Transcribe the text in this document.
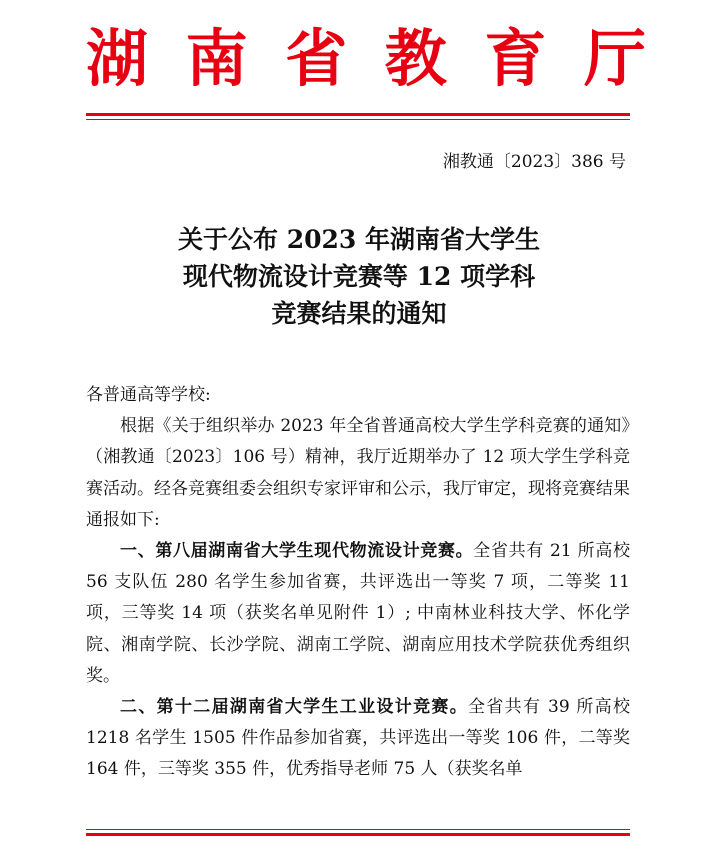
湖 南 省 教 育 厅
湘教通〔2023〕386 号
关于公布 2023 年湖南省大学生
现代物流设计竞赛等 12 项学科
竞赛结果的通知

各普通高等学校:

根据《关于组织举办 2023 年全省普通高校大学生学科竞赛的通知》（湘教通〔2023〕106 号）精神，我厅近期举办了 12 项大学生学科竞赛活动。经各竞赛组委会组织专家评审和公示，我厅审定，现将竞赛结果通报如下:

一、第八届湖南省大学生现代物流设计竞赛。全省共有 21 所高校 56 支队伍 280 名学生参加省赛，共评选出一等奖 7 项，二等奖 11 项，三等奖 14 项（获奖名单见附件 1）; 中南林业科技大学、怀化学院、湘南学院、长沙学院、湖南工学院、湖南应用技术学院获优秀组织奖。

二、第十二届湖南省大学生工业设计竞赛。全省共有 39 所高校 1218 名学生 1505 件作品参加省赛，共评选出一等奖 106 件，二等奖 164 件，三等奖 355 件，优秀指导老师 75 人（获奖名单
